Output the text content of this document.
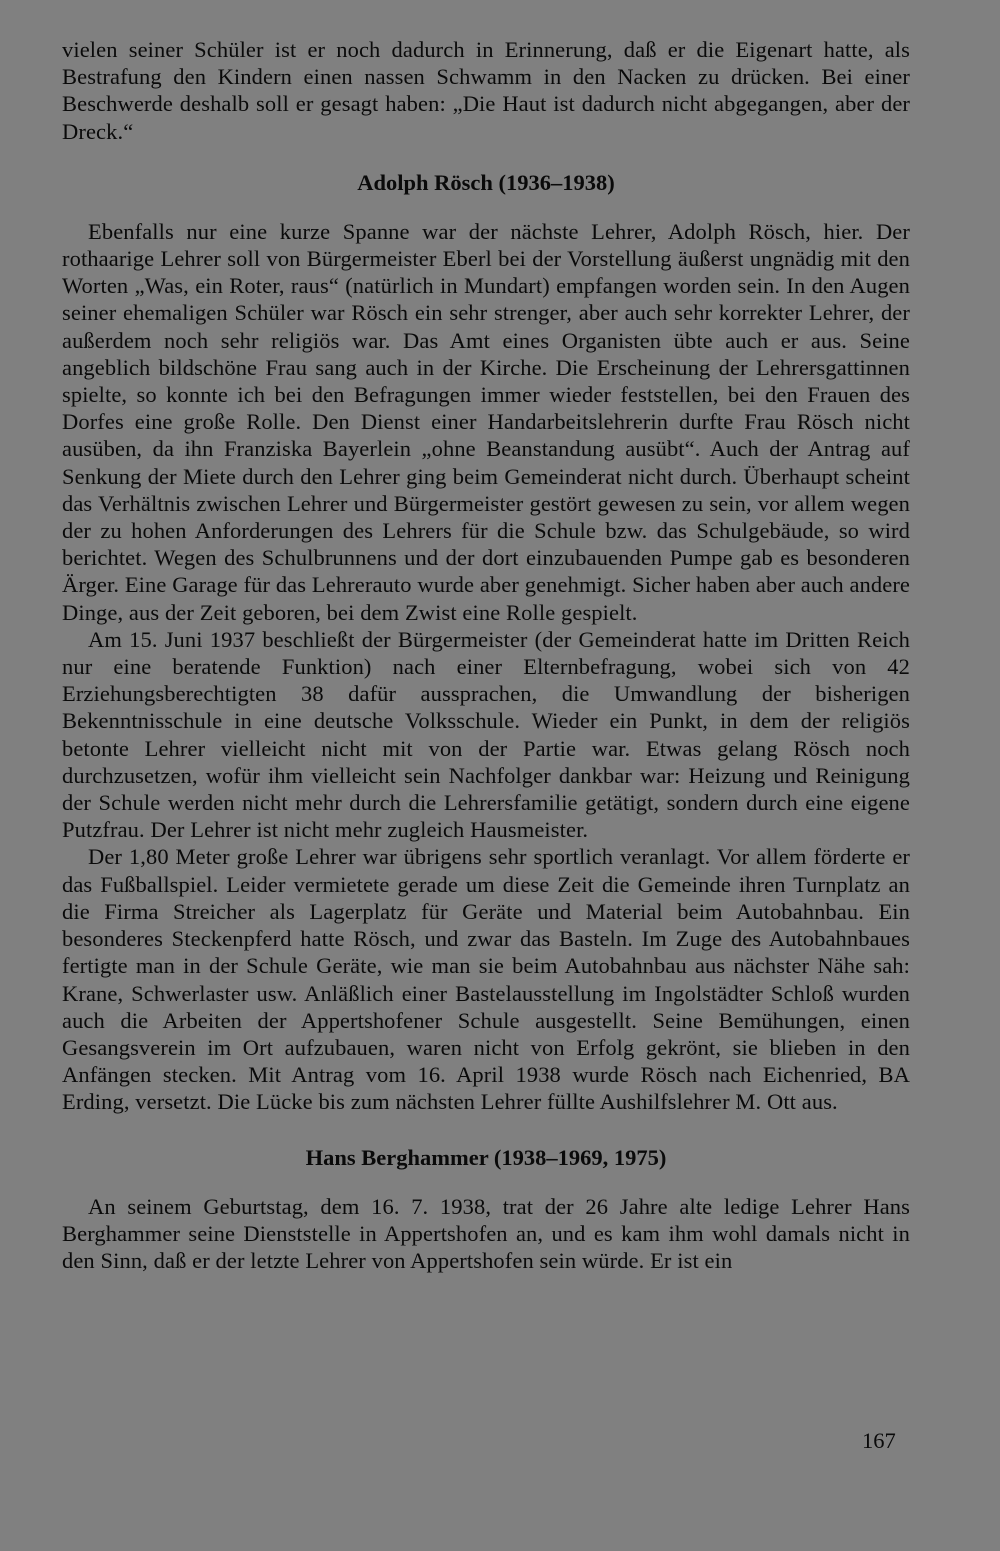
vielen seiner Schüler ist er noch dadurch in Erinnerung, daß er die Eigenart hatte, als Bestrafung den Kindern einen nassen Schwamm in den Nacken zu drücken. Bei einer Beschwerde deshalb soll er gesagt haben: „Die Haut ist dadurch nicht abgegangen, aber der Dreck.“

Adolph Rösch (1936–1938)

Ebenfalls nur eine kurze Spanne war der nächste Lehrer, Adolph Rösch, hier. Der rothaarige Lehrer soll von Bürgermeister Eberl bei der Vorstellung äußerst ungnädig mit den Worten „Was, ein Roter, raus“ (natürlich in Mundart) empfangen worden sein. In den Augen seiner ehemaligen Schüler war Rösch ein sehr strenger, aber auch sehr korrekter Lehrer, der außerdem noch sehr religiös war. Das Amt eines Organisten übte auch er aus. Seine angeblich bildschöne Frau sang auch in der Kirche. Die Erscheinung der Lehrersgattinnen spielte, so konnte ich bei den Befragungen immer wieder feststellen, bei den Frauen des Dorfes eine große Rolle. Den Dienst einer Handarbeitslehrerin durfte Frau Rösch nicht ausüben, da ihn Franziska Bayerlein „ohne Beanstandung ausübt“. Auch der Antrag auf Senkung der Miete durch den Lehrer ging beim Gemeinderat nicht durch. Überhaupt scheint das Verhältnis zwischen Lehrer und Bürgermeister gestört gewesen zu sein, vor allem wegen der zu hohen Anforderungen des Lehrers für die Schule bzw. das Schulgebäude, so wird berichtet. Wegen des Schulbrunnens und der dort einzubauenden Pumpe gab es besonderen Ärger. Eine Garage für das Lehrerauto wurde aber genehmigt. Sicher haben aber auch andere Dinge, aus der Zeit geboren, bei dem Zwist eine Rolle gespielt.

Am 15. Juni 1937 beschließt der Bürgermeister (der Gemeinderat hatte im Dritten Reich nur eine beratende Funktion) nach einer Elternbefragung, wobei sich von 42 Erziehungsberechtigten 38 dafür aussprachen, die Umwandlung der bisherigen Bekenntnisschule in eine deutsche Volksschule. Wieder ein Punkt, in dem der religiös betonte Lehrer vielleicht nicht mit von der Partie war. Etwas gelang Rösch noch durchzusetzen, wofür ihm vielleicht sein Nachfolger dankbar war: Heizung und Reinigung der Schule werden nicht mehr durch die Lehrersfamilie getätigt, sondern durch eine eigene Putzfrau. Der Lehrer ist nicht mehr zugleich Hausmeister.

Der 1,80 Meter große Lehrer war übrigens sehr sportlich veranlagt. Vor allem förderte er das Fußballspiel. Leider vermietete gerade um diese Zeit die Gemeinde ihren Turnplatz an die Firma Streicher als Lagerplatz für Geräte und Material beim Autobahnbau. Ein besonderes Steckenpferd hatte Rösch, und zwar das Basteln. Im Zuge des Autobahnbaues fertigte man in der Schule Geräte, wie man sie beim Autobahnbau aus nächster Nähe sah: Krane, Schwerlaster usw. Anläßlich einer Bastelausstellung im Ingolstädter Schloß wurden auch die Arbeiten der Appertshofener Schule ausgestellt. Seine Bemühungen, einen Gesangsverein im Ort aufzubauen, waren nicht von Erfolg gekrönt, sie blieben in den Anfängen stecken. Mit Antrag vom 16. April 1938 wurde Rösch nach Eichenried, BA Erding, versetzt. Die Lücke bis zum nächsten Lehrer füllte Aushilfslehrer M. Ott aus.

Hans Berghammer (1938–1969, 1975)

An seinem Geburtstag, dem 16. 7. 1938, trat der 26 Jahre alte ledige Lehrer Hans Berghammer seine Dienststelle in Appertshofen an, und es kam ihm wohl damals nicht in den Sinn, daß er der letzte Lehrer von Appertshofen sein würde. Er ist ein

167
